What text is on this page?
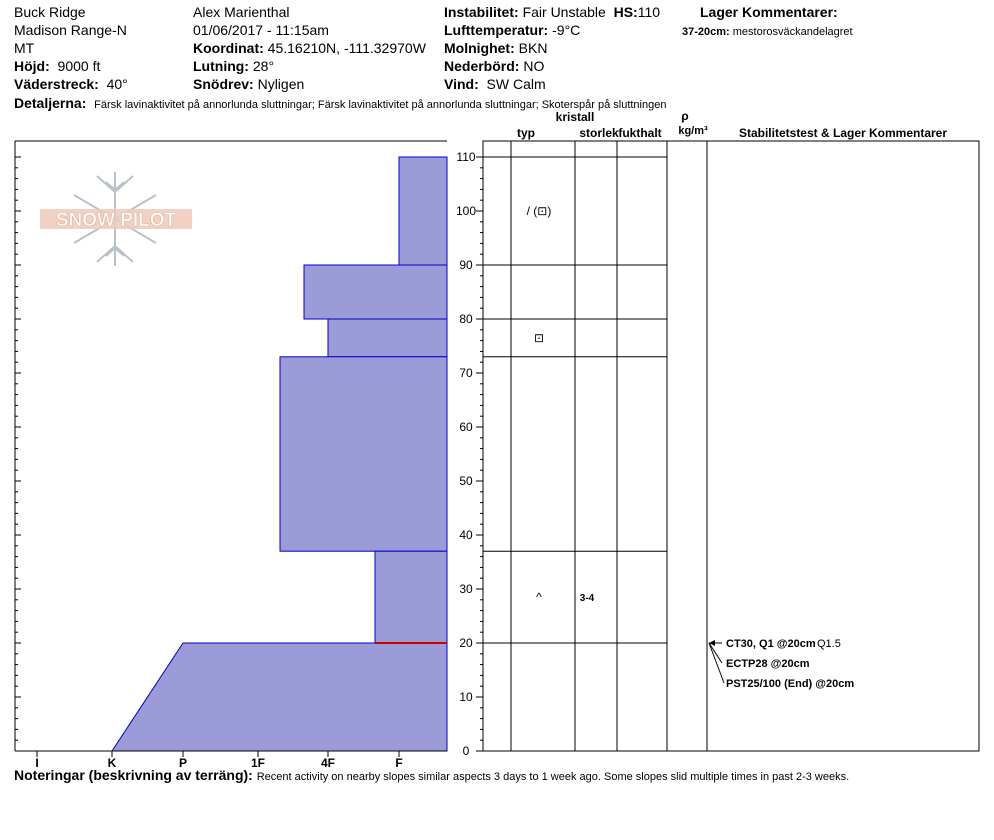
Buck Ridge
Madison Range-N
MT
Höjd: 9000 ft
Väderstreck: 40°
Alex Marienthal
01/06/2017 - 11:15am
Koordinat: 45.16210N, -111.32970W
Lutning: 28°
Snödrev: Nyligen
Instabilitet: Fair Unstable HS:110
Lufttemperatur: -9°C
Molnighet: BKN
Nederbörd: NO
Vind: SW Calm
Lager Kommentarer:
37-20cm: mestorosväckandelagret
Detaljerna: Färsk lavinaktivitet på annorlunda sluttningar; Färsk lavinaktivitet på annorlunda sluttningar; Skoterspår på sluttningen
SNOW PILOT
I	K	P	1F	4F	F
0
10
20
30
40
50
60
70
80
90
100
110
typ
kristall
storlek fukthalt
ρ
kg/m³	Stabilitetstest & Lager Kommentarer
/ (⊡)
⊡
^	3-4
CT30, Q1 @20cm Q1.5
ECTP28 @20cm
PST25/100 (End) @20cm
Noteringar (beskrivning av terräng): Recent activity on nearby slopes similar aspects 3 days to 1 week ago. Some slopes slid multiple times in past 2-3 weeks.
